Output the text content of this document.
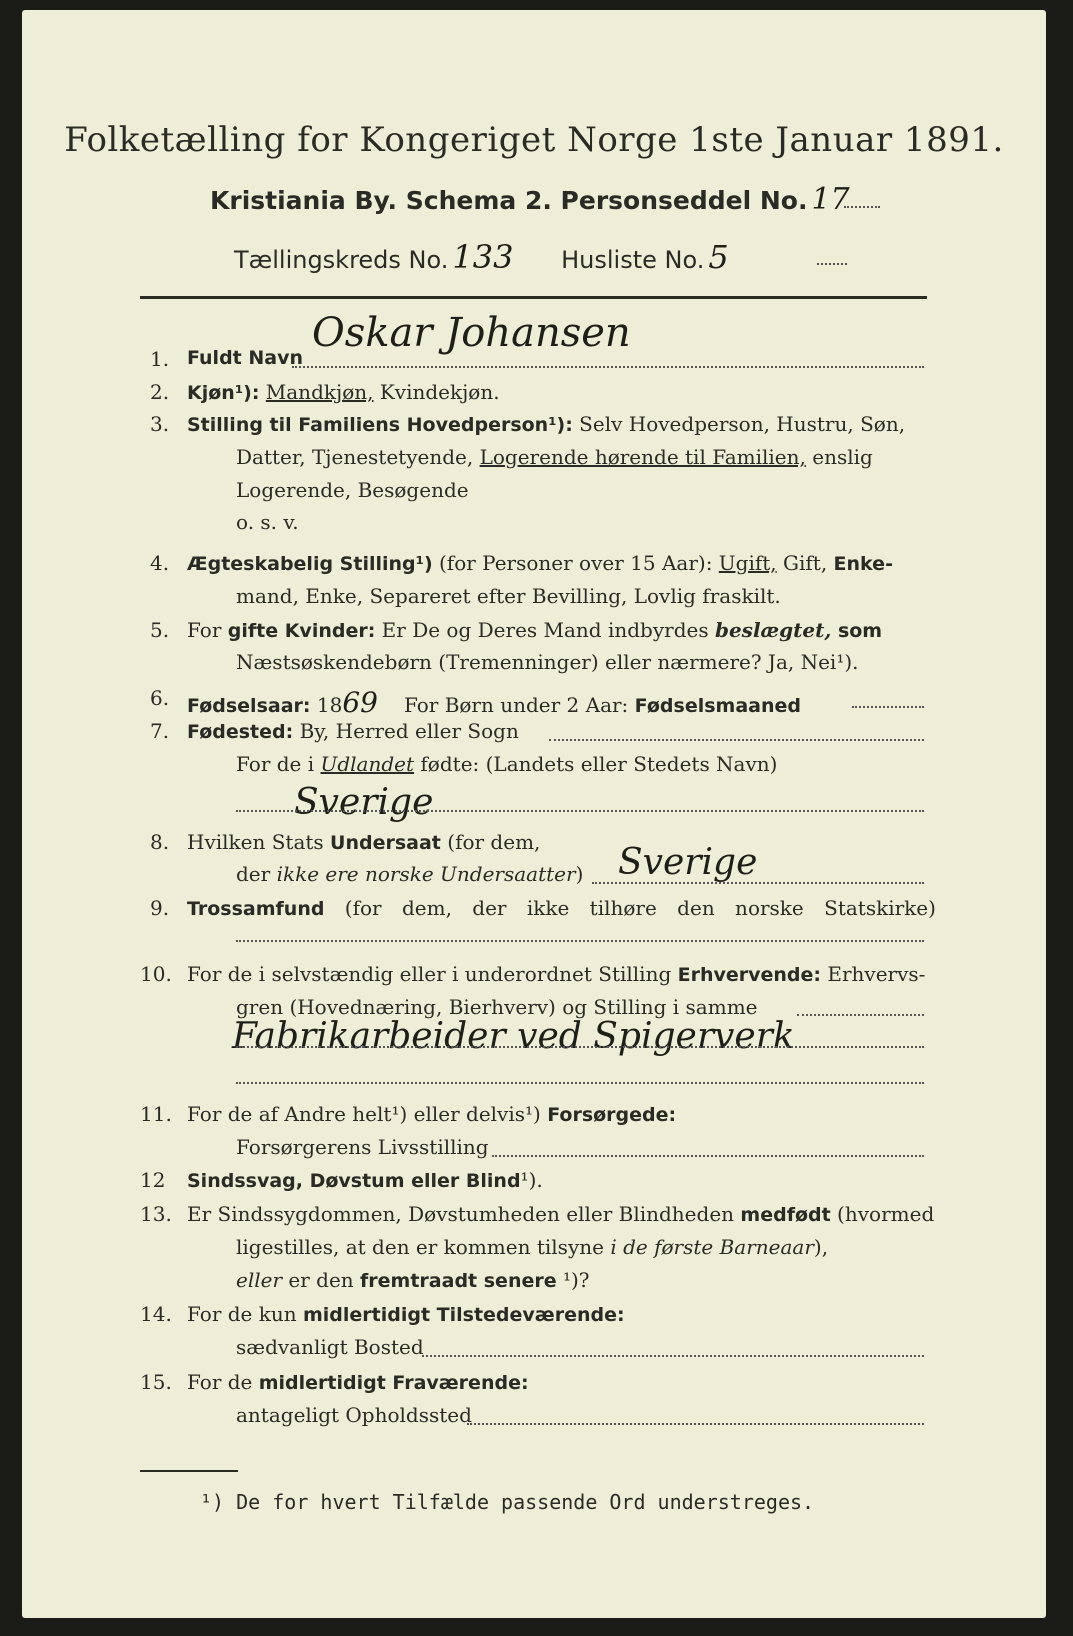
Folketælling for Kongeriget Norge 1ste Januar 1891.
Kristiania By. Schema 2. Personseddel No. 17
Tællingskreds No. 133 Husliste No. 5
1. Fuldt Navn
Oskar Johansen
2. Kjøn¹): Mandkjøn, Kvindekjøn.
3. Stilling til Familiens Hovedperson¹): Selv Hovedperson, Hustru, Søn,
Datter, Tjenestetyende, Logerende hørende til Familien, enslig
Logerende, Besøgende
o. s. v.
4. Ægteskabelig Stilling¹) (for Personer over 15 Aar): Ugift, Gift, Enke-
mand, Enke, Separeret efter Bevilling, Lovlig fraskilt.
5. For gifte Kvinder: Er De og Deres Mand indbyrdes beslægtet, som
Næstsøskendebørn (Tremenninger) eller nærmere? Ja, Nei¹).
6. Fødselsaar: 1869 For Børn under 2 Aar: Fødselsmaaned
7. Fødested: By, Herred eller Sogn
For de i Udlandet fødte: (Landets eller Stedets Navn)
Sverige
8. Hvilken Stats Undersaat (for dem,
der ikke ere norske Undersaatter) Sverige
9. Trossamfund (for dem, der ikke tilhøre den norske Statskirke)
10. For de i selvstændig eller i underordnet Stilling Erhvervende: Erhvervs-
gren (Hovednæring, Bierhverv) og Stilling i samme
Fabrikarbeider ved Spigerverk
11. For de af Andre helt¹) eller delvis¹) Forsørgede:
Forsørgerens Livsstilling
12 Sindssvag, Døvstum eller Blind¹).
13. Er Sindssygdommen, Døvstumheden eller Blindheden medfødt (hvormed
ligestilles, at den er kommen tilsyne i de første Barneaar),
eller er den fremtraadt senere ¹)?
14. For de kun midlertidigt Tilstedeværende:
sædvanligt Bosted
15. For de midlertidigt Fraværende:
antageligt Opholdssted
¹) De for hvert Tilfælde passende Ord understreges.
